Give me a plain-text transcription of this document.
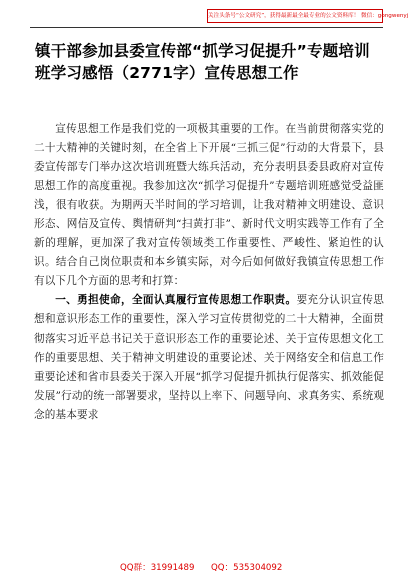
关注头条号“公文研究”，获得最新最全最专业的公文资料库！ 微信：gongwenyj
镇干部参加县委宣传部“抓学习促提升”专题培训班学习感悟（2771字）宣传思想工作

宣传思想工作是我们党的一项极其重要的工作。在当前贯彻落实党的二十大精神的关键时刻，在全省上下开展“三抓三促”行动的大背景下，县委宣传部专门举办这次培训班暨大练兵活动，充分表明县委县政府对宣传思想工作的高度重视。我参加这次“抓学习促提升”专题培训班感觉受益匪浅，很有收获。为期两天半时间的学习培训，让我对精神文明建设、意识形态、网信及宣传、舆情研判“扫黄打非”、新时代文明实践等工作有了全新的理解，更加深了我对宣传领域类工作重要性、严峻性、紧迫性的认识。结合自己岗位职责和本乡镇实际，对今后如何做好我镇宣传思想工作有以下几个方面的思考和打算：

一、勇担使命，全面认真履行宣传思想工作职责。要充分认识宣传思想和意识形态工作的重要性，深入学习宣传贯彻党的二十大精神，全面贯彻落实习近平总书记关于意识形态工作的重要论述、关于宣传思想文化工作的重要思想、关于精神文明建设的重要论述、关于网络安全和信息工作重要论述和省市县委关于深入开展“抓学习促提升抓执行促落实、抓效能促发展”行动的统一部署要求，坚持以上率下、问题导向、求真务实、系统观念的基本要求

QQ群：31991489 QQ：535304092
